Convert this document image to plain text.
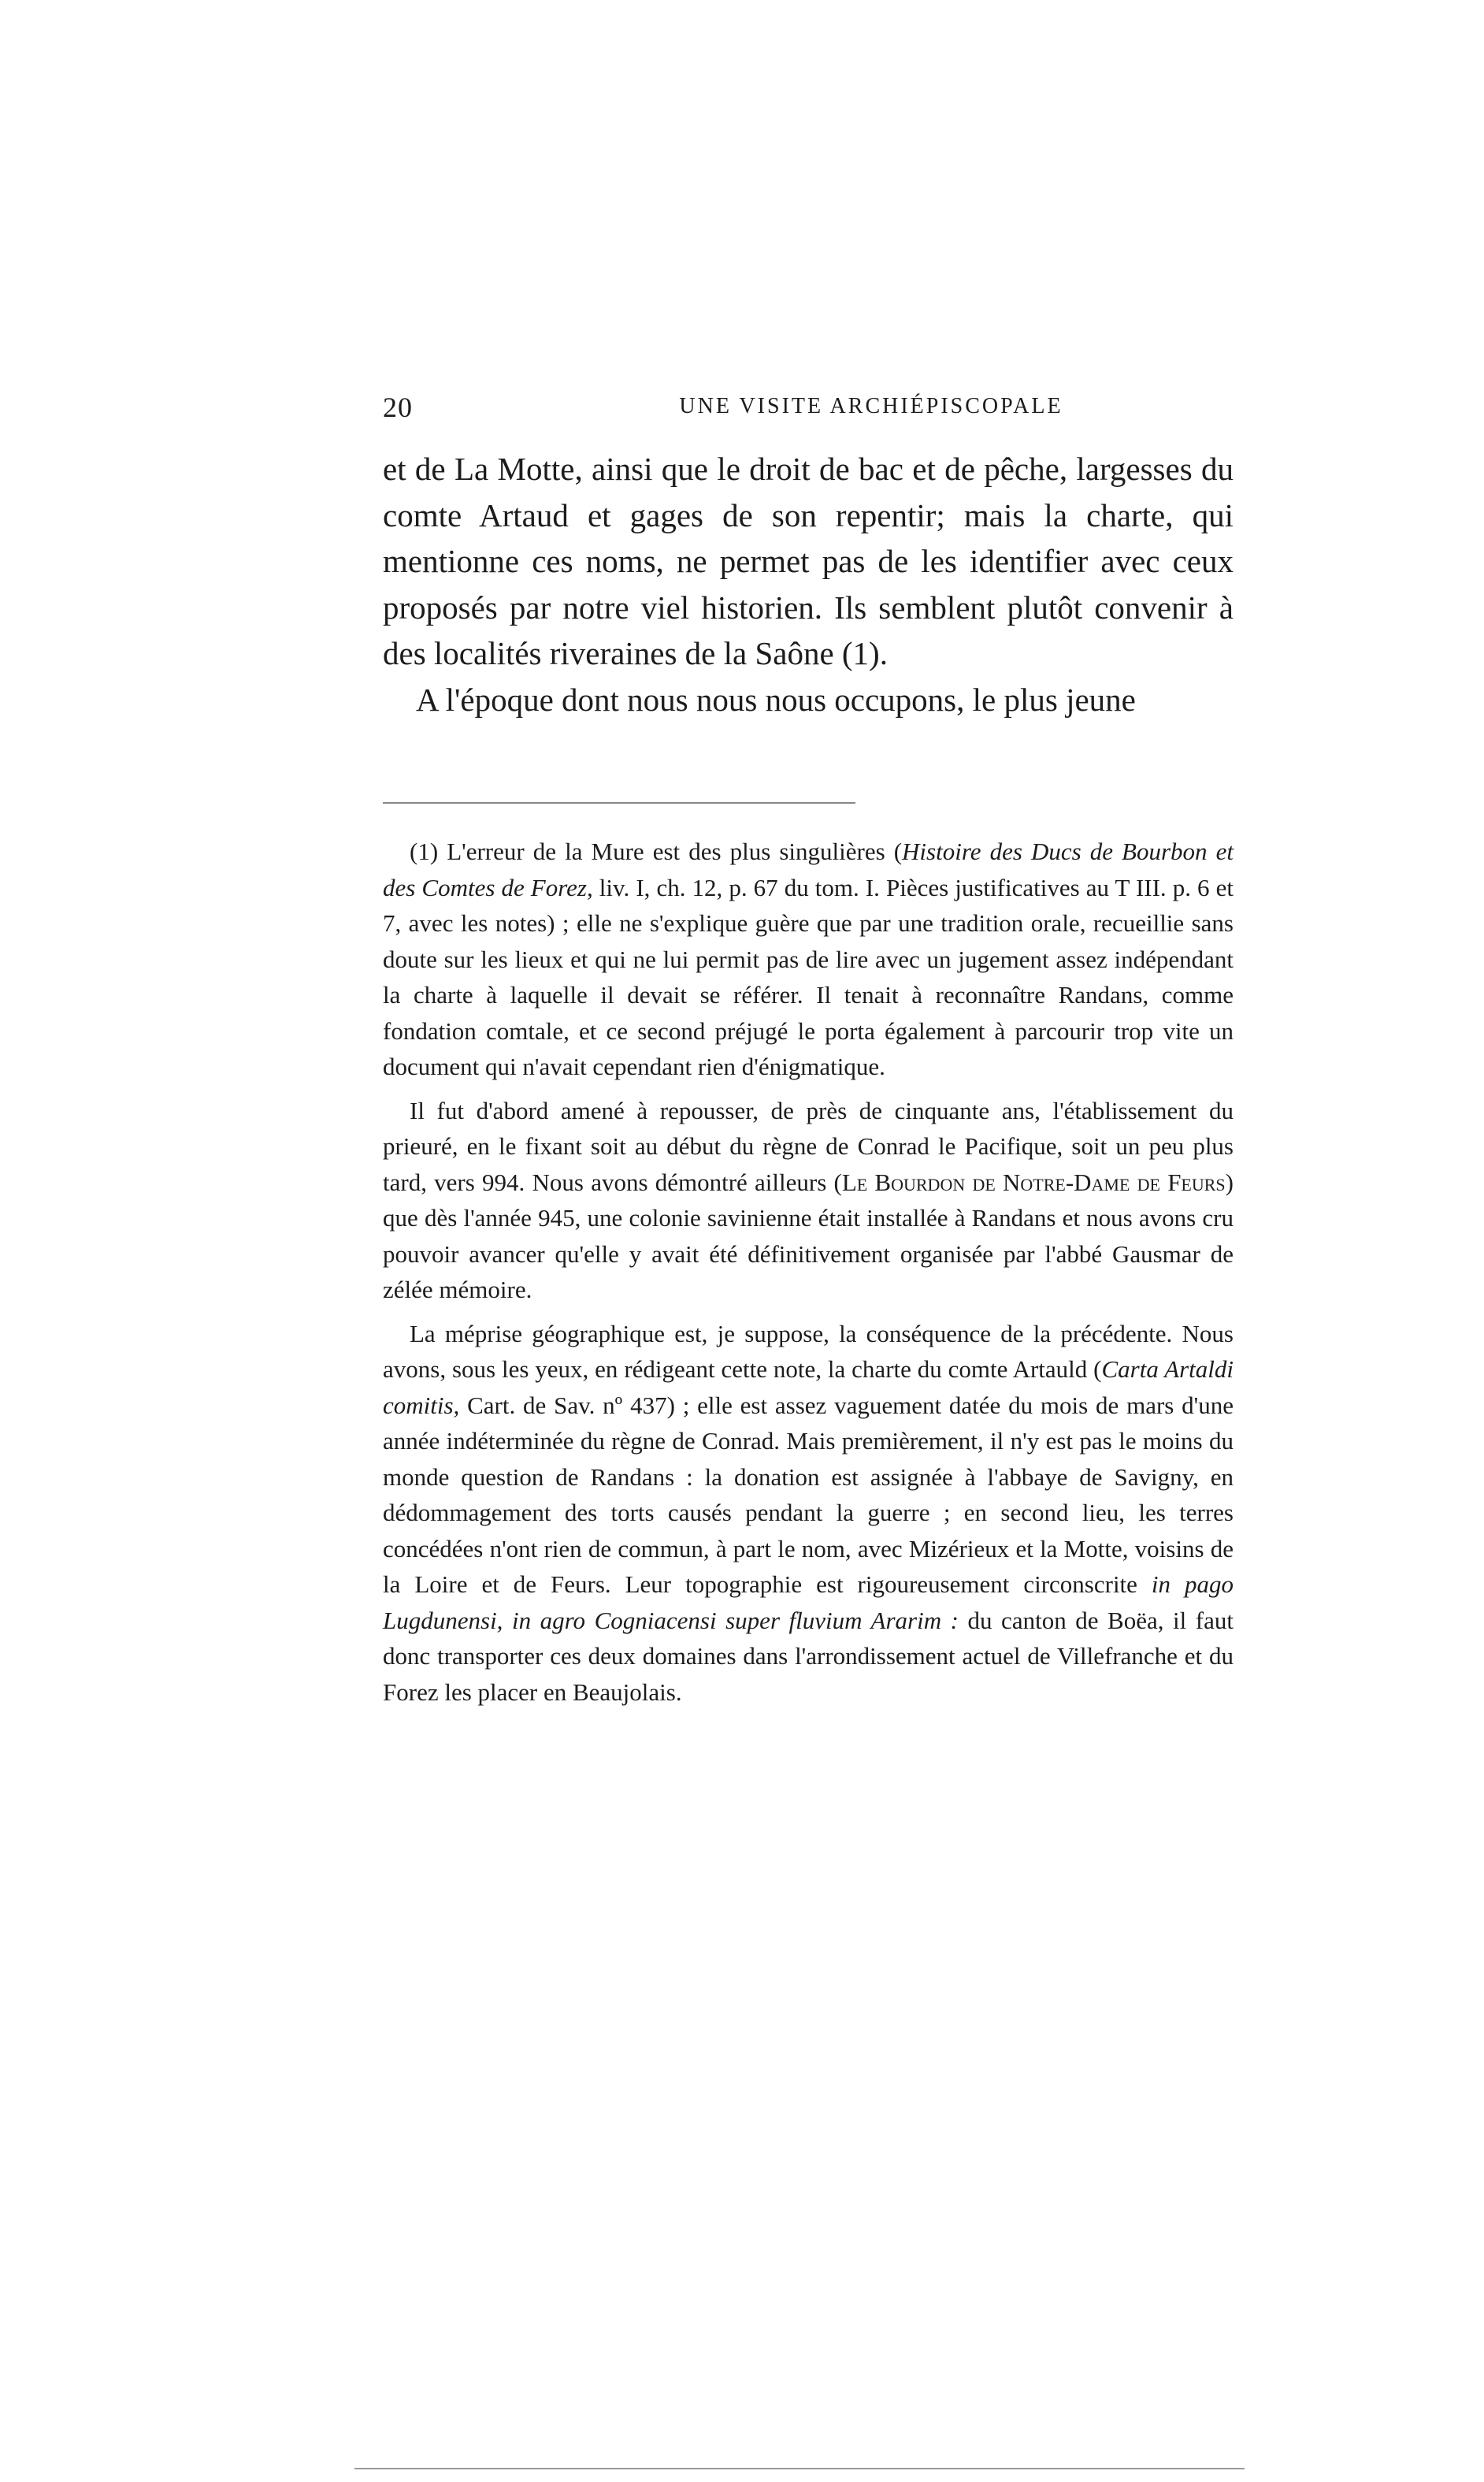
20	UNE VISITE ARCHIÉPISCOPALE

et de La Motte, ainsi que le droit de bac et de pêche, largesses du comte Artaud et gages de son repentir; mais la charte, qui mentionne ces noms, ne permet pas de les identifier avec ceux proposés par notre viel historien. Ils semblent plutôt convenir à des localités riveraines de la Saône (1).

A l'époque dont nous nous nous occupons, le plus jeune

(1) L'erreur de la Mure est des plus singulières (Histoire des Ducs de Bourbon et des Comtes de Forez, liv. I, ch. 12, p. 67 du tom. I. Pièces justificatives au T III. p. 6 et 7, avec les notes) ; elle ne s'explique guère que par une tradition orale, recueillie sans doute sur les lieux et qui ne lui permit pas de lire avec un jugement assez indépendant la charte à laquelle il devait se référer. Il tenait à reconnaître Randans, comme fondation comtale, et ce second préjugé le porta également à parcourir trop vite un document qui n'avait cependant rien d'énigmatique.

Il fut d'abord amené à repousser, de près de cinquante ans, l'établissement du prieuré, en le fixant soit au début du règne de Conrad le Pacifique, soit un peu plus tard, vers 994. Nous avons démontré ailleurs (Le Bourdon de Notre-Dame de Feurs) que dès l'année 945, une colonie savinienne était installée à Randans et nous avons cru pouvoir avancer qu'elle y avait été définitivement organisée par l'abbé Gausmar de zélée mémoire.

La méprise géographique est, je suppose, la conséquence de la précédente. Nous avons, sous les yeux, en rédigeant cette note, la charte du comte Artauld (Carta Artaldi comitis, Cart. de Sav. nº 437) ; elle est assez vaguement datée du mois de mars d'une année indéterminée du règne de Conrad. Mais premièrement, il n'y est pas le moins du monde question de Randans : la donation est assignée à l'abbaye de Savigny, en dédommagement des torts causés pendant la guerre ; en second lieu, les terres concédées n'ont rien de commun, à part le nom, avec Mizérieux et la Motte, voisins de la Loire et de Feurs. Leur topographie est rigoureusement circonscrite in pago Lugdunensi, in agro Cogniacensi super fluvium Ararim : du canton de Boëa, il faut donc transporter ces deux domaines dans l'arrondissement actuel de Villefranche et du Forez les placer en Beaujolais.
